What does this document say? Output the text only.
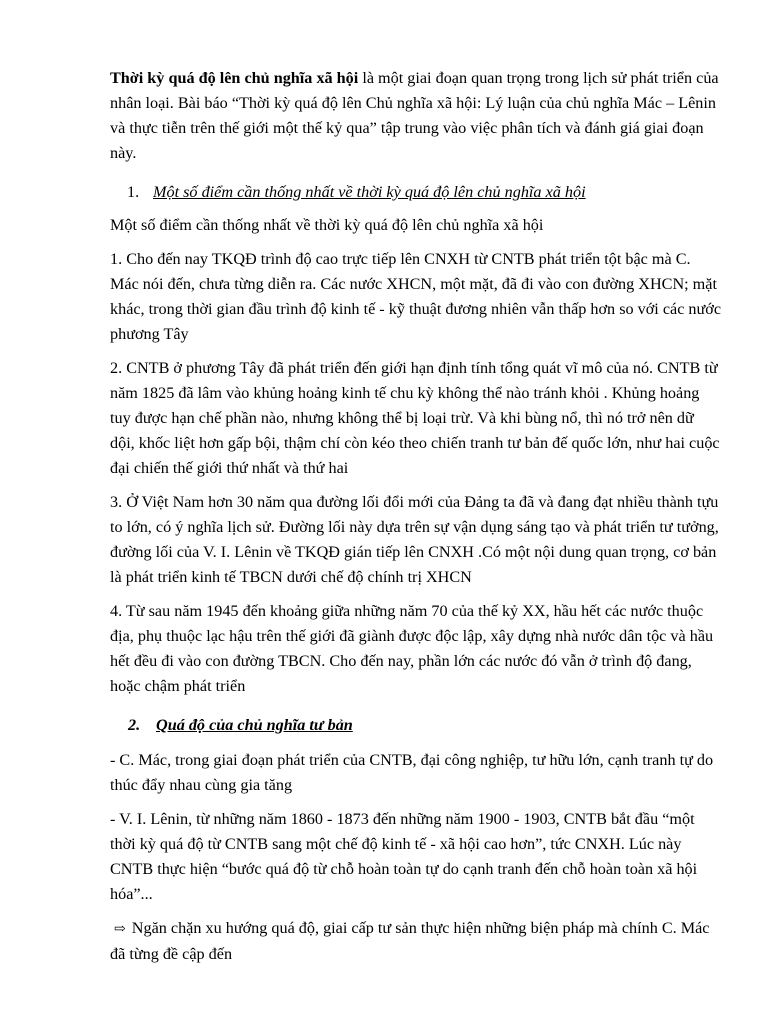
Thời kỳ quá độ lên chủ nghĩa xã hội là một giai đoạn quan trọng trong lịch sử phát triển của nhân loại. Bài báo “Thời kỳ quá độ lên Chủ nghĩa xã hội: Lý luận của chủ nghĩa Mác – Lênin và thực tiễn trên thế giới một thế kỷ qua” tập trung vào việc phân tích và đánh giá giai đoạn này.

1. Một số điểm cần thống nhất về thời kỳ quá độ lên chủ nghĩa xã hội

Một số điểm cần thống nhất về thời kỳ quá độ lên chủ nghĩa xã hội

1. Cho đến nay TKQĐ trình độ cao trực tiếp lên CNXH từ CNTB phát triển tột bậc mà C. Mác nói đến, chưa từng diễn ra. Các nước XHCN, một mặt, đã đi vào con đường XHCN; mặt khác, trong thời gian đầu trình độ kinh tế - kỹ thuật đương nhiên vẫn thấp hơn so với các nước phương Tây

2. CNTB ở phương Tây đã phát triển đến giới hạn định tính tổng quát vĩ mô của nó. CNTB từ năm 1825 đã lâm vào khủng hoảng kinh tế chu kỳ không thể nào tránh khỏi . Khủng hoảng tuy được hạn chế phần nào, nhưng không thể bị loại trừ. Và khi bùng nổ, thì nó trở nên dữ dội, khốc liệt hơn gấp bội, thậm chí còn kéo theo chiến tranh tư bản đế quốc lớn, như hai cuộc đại chiến thế giới thứ nhất và thứ hai

3. Ở Việt Nam hơn 30 năm qua đường lối đổi mới của Đảng ta đã và đang đạt nhiều thành tựu to lớn, có ý nghĩa lịch sử. Đường lối này dựa trên sự vận dụng sáng tạo và phát triển tư tưởng, đường lối của V. I. Lênin về TKQĐ gián tiếp lên CNXH .Có một nội dung quan trọng, cơ bản là phát triển kinh tế TBCN dưới chế độ chính trị XHCN

4. Từ sau năm 1945 đến khoảng giữa những năm 70 của thế kỷ XX, hầu hết các nước thuộc địa, phụ thuộc lạc hậu trên thế giới đã giành được độc lập, xây dựng nhà nước dân tộc và hầu hết đều đi vào con đường TBCN. Cho đến nay, phần lớn các nước đó vẫn ở trình độ đang, hoặc chậm phát triển

2. Quá độ của chủ nghĩa tư bản

- C. Mác, trong giai đoạn phát triển của CNTB, đại công nghiệp, tư hữu lớn, cạnh tranh tự do thúc đẩy nhau cùng gia tăng

- V. I. Lênin, từ những năm 1860 - 1873 đến những năm 1900 - 1903, CNTB bắt đầu “một thời kỳ quá độ từ CNTB sang một chế độ kinh tế - xã hội cao hơn”, tức CNXH. Lúc này CNTB thực hiện “bước quá độ từ chỗ hoàn toàn tự do cạnh tranh đến chỗ hoàn toàn xã hội hóa”...

⇨ Ngăn chặn xu hướng quá độ, giai cấp tư sản thực hiện những biện pháp mà chính C. Mác đã từng đề cập đến
